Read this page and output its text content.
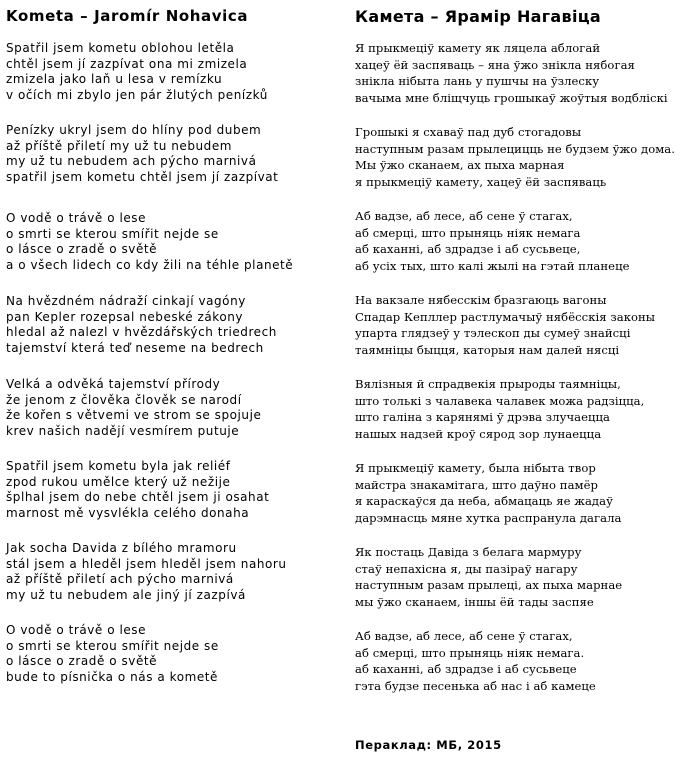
Kometa – Jaromír Nohavica
Spatřil jsem kometu oblohou letěla
chtěl jsem jí zazpívat ona mi zmizela
zmizela jako laň u lesa v remízku
v očích mi zbylo jen pár žlutých penízků
Penízky ukryl jsem do hlíny pod dubem
až příště přiletí my už tu nebudem
my už tu nebudem ach pýcho marnivá
spatřil jsem kometu chtěl jsem jí zazpívat
O vodě o trávě o lese
o smrti se kterou smířit nejde se
o lásce o zradě o světě
a o všech lidech co kdy žili na téhle planetě
Na hvězdném nádraží cinkají vagóny
pan Kepler rozepsal nebeské zákony
hledal až nalezl v hvězdářských triedrech
tajemství která teď neseme na bedrech
Velká a odvěká tajemství přírody
že jenom z člověka člověk se narodí
že kořen s větvemi ve strom se spojuje
krev našich nadějí vesmírem putuje
Spatřil jsem kometu byla jak reliéf
zpod rukou umělce který už nežije
šplhal jsem do nebe chtěl jsem ji osahat
marnost mě vysvlékla celého donaha
Jak socha Davida z bílého mramoru
stál jsem a hleděl jsem hleděl jsem nahoru
až příště přiletí ach pýcho marnivá
my už tu nebudem ale jiný jí zazpívá
O vodě o trávě o lese
o smrti se kterou smířit nejde se
o lásce o zradě o světě
bude to písnička o nás a kometě
Камета – Ярамір Нагавіца
Я прыкмеціў камету як ляцела аблогай
хацеў ёй заспяваць – яна ўжо знікла нябогая
знікла нібыта лань у пушчы на ўзлеску
вачыма мне бліщчуць грошыкаў жоўтыя водбліскі
Грошыкі я схаваў пад дуб стогадовы
наступным разам прылецицць не будзем ўжо дома.
Мы ўжо сканаем, ах пыха марная
я прыкмеціў камету, хацеў ёй заспяваць
Аб вадзе, аб лесе, аб сене ў стагах,
аб смерці, што прыняць ніяк немага
аб каханні, аб здрадзе і аб сусьвеце,
аб усіх тых, што калі жылі на гэтай планеце
На вакзале нябесскім бразгаюць вагоны
Спадар Кепллер растлумачыў нябёсскія законы
упарта глядзеў у тэлескоп ды сумеў знайсці
таямніцы быцця, каторыя нам далей нясці
Вялізныя й спрадвекія прыроды таямніцы,
што толькі з чалавека чалавек можа радзіцца,
што галіна з карянямі ў дрэва злучаецца
нашых надзей кроў сярод зор лунаецца
Я прыкмеціў камету, была нібыта твор
майстра знакамітага, што даўно памёр
я караскаўся да неба, абмацаць яе жадаў
дарэмнасць мяне хутка распранула дагала
Як постаць Давіда з белага мармуру
стаў непахісна я, ды пазіраў нагару
наступным разам прылеці, ах пыха марнае
мы ўжо сканаем, іншы ёй тады заспяе
Аб вадзе, аб лесе, аб сене ў стагах,
аб смерці, што прыняць ніяк немага.
аб каханні, аб здрадзе і аб сусьвеце
гэта будзе песенька аб нас і аб камеце
Пераклад: МБ, 2015
